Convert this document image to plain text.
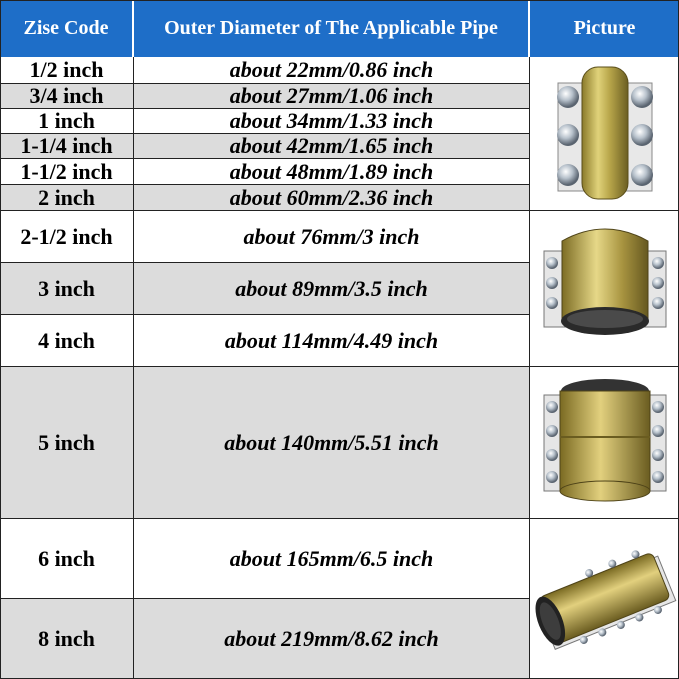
Zise Code	Outer Diameter of The Applicable Pipe	Picture
1/2 inch	about 22mm/0.86 inch
3/4 inch	about 27mm/1.06 inch
1 inch	about 34mm/1.33 inch
1-1/4 inch	about 42mm/1.65 inch
1-1/2 inch	about 48mm/1.89 inch
2 inch	about 60mm/2.36 inch
2-1/2 inch	about 76mm/3 inch
3 inch	about 89mm/3.5 inch
4 inch	about 114mm/4.49 inch
5 inch	about 140mm/5.51 inch
6 inch	about 165mm/6.5 inch
8 inch	about 219mm/8.62 inch
